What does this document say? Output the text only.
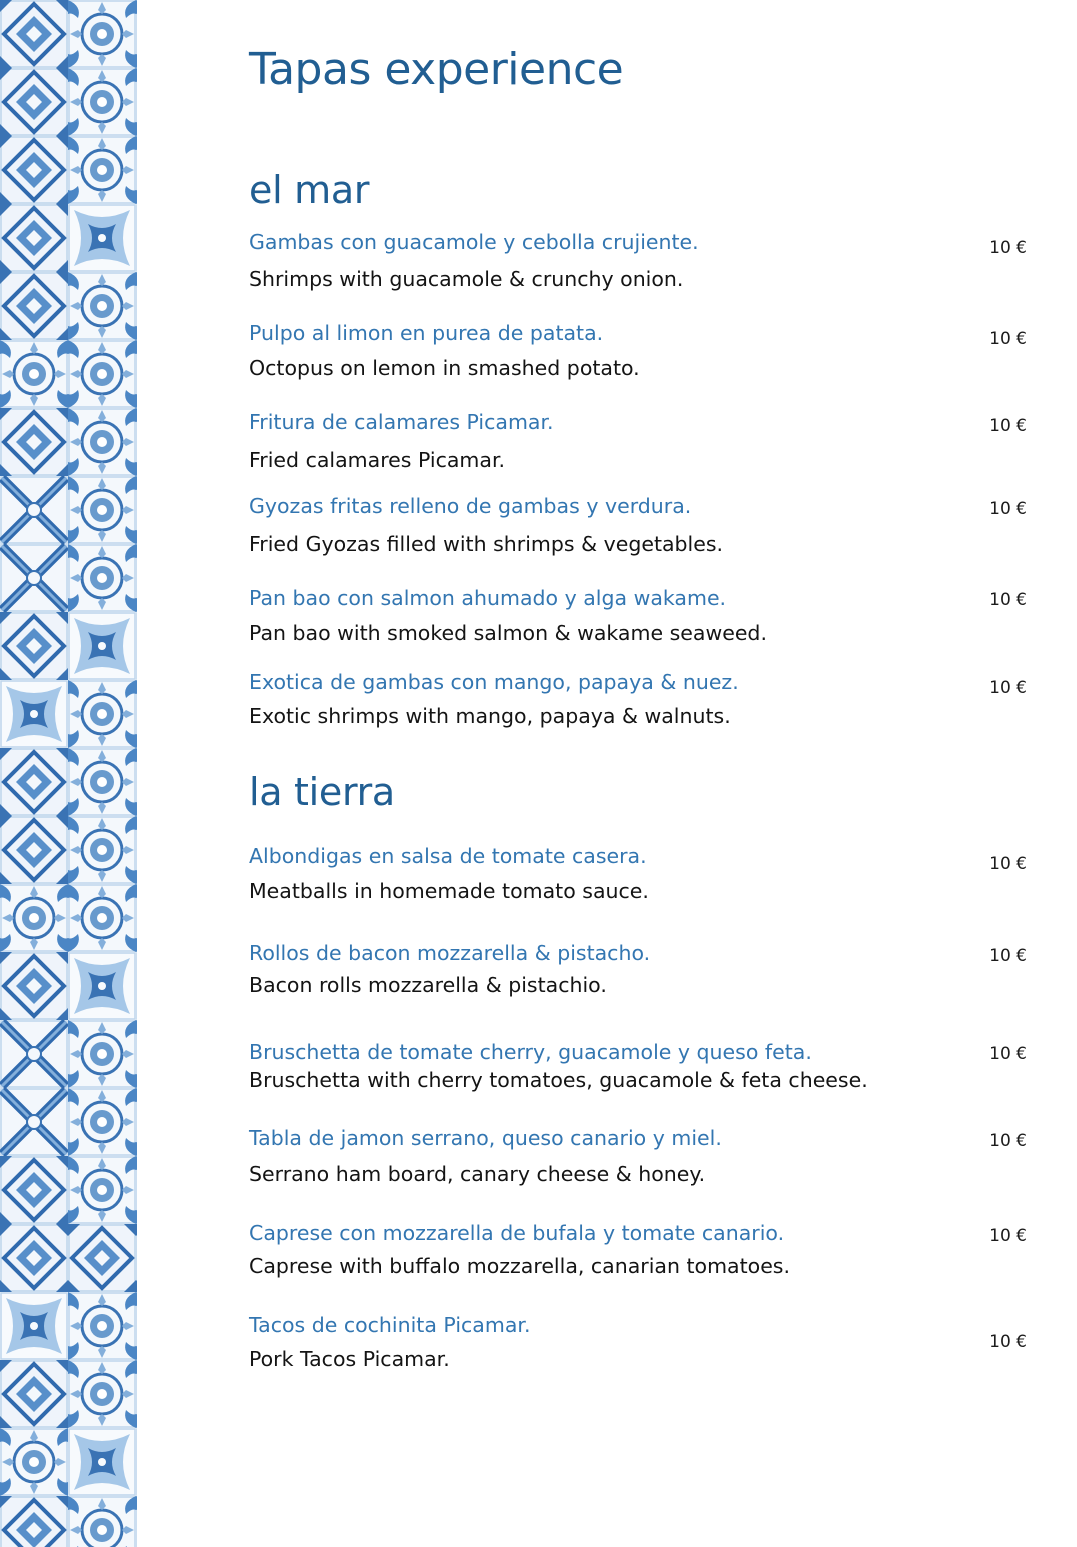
Tapas experience
el mar
Gambas con guacamole y cebolla crujiente.
Shrimps with guacamole & crunchy onion.
10 €
Pulpo al limon en purea de patata.
Octopus on lemon in smashed potato.
10 €
Fritura de calamares Picamar.
Fried calamares Picamar.
10 €
Gyozas fritas relleno de gambas y verdura.
Fried Gyozas filled with shrimps & vegetables.
10 €
Pan bao con salmon ahumado y alga wakame.
Pan bao with smoked salmon & wakame seaweed.
10 €
Exotica de gambas con mango, papaya & nuez.
Exotic shrimps with mango, papaya & walnuts.
10 €
la tierra
Albondigas en salsa de tomate casera.
Meatballs in homemade tomato sauce.
10 €
Rollos de bacon mozzarella & pistacho.
Bacon rolls mozzarella & pistachio.
10 €
Bruschetta de tomate cherry, guacamole y queso feta.
Bruschetta with cherry tomatoes, guacamole & feta cheese.
10 €
Tabla de jamon serrano, queso canario y miel.
Serrano ham board, canary cheese & honey.
10 €
Caprese con mozzarella de bufala y tomate canario.
Caprese with buffalo mozzarella, canarian tomatoes.
10 €
Tacos de cochinita Picamar.
Pork Tacos Picamar.
10 €
